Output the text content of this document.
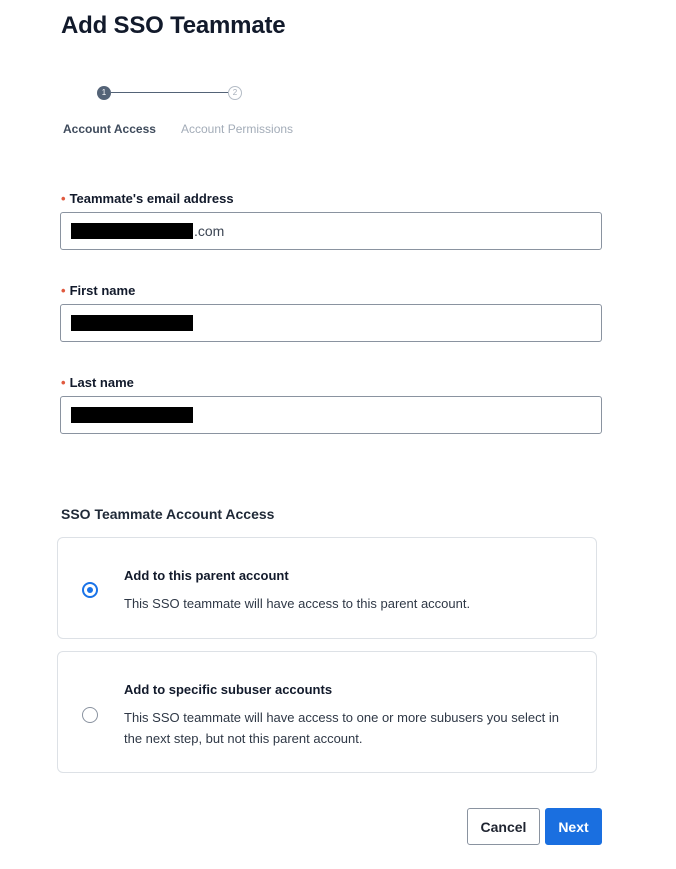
Add SSO Teammate
1	2
Account Access Account Permissions
• Teammate's email address
.com
• First name
• Last name
SSO Teammate Account Access
Add to this parent account
This SSO teammate will have access to this parent account.
Add to specific subuser accounts
This SSO teammate will have access to one or more subusers you select in the next step, but not this parent account.
Cancel	Next
